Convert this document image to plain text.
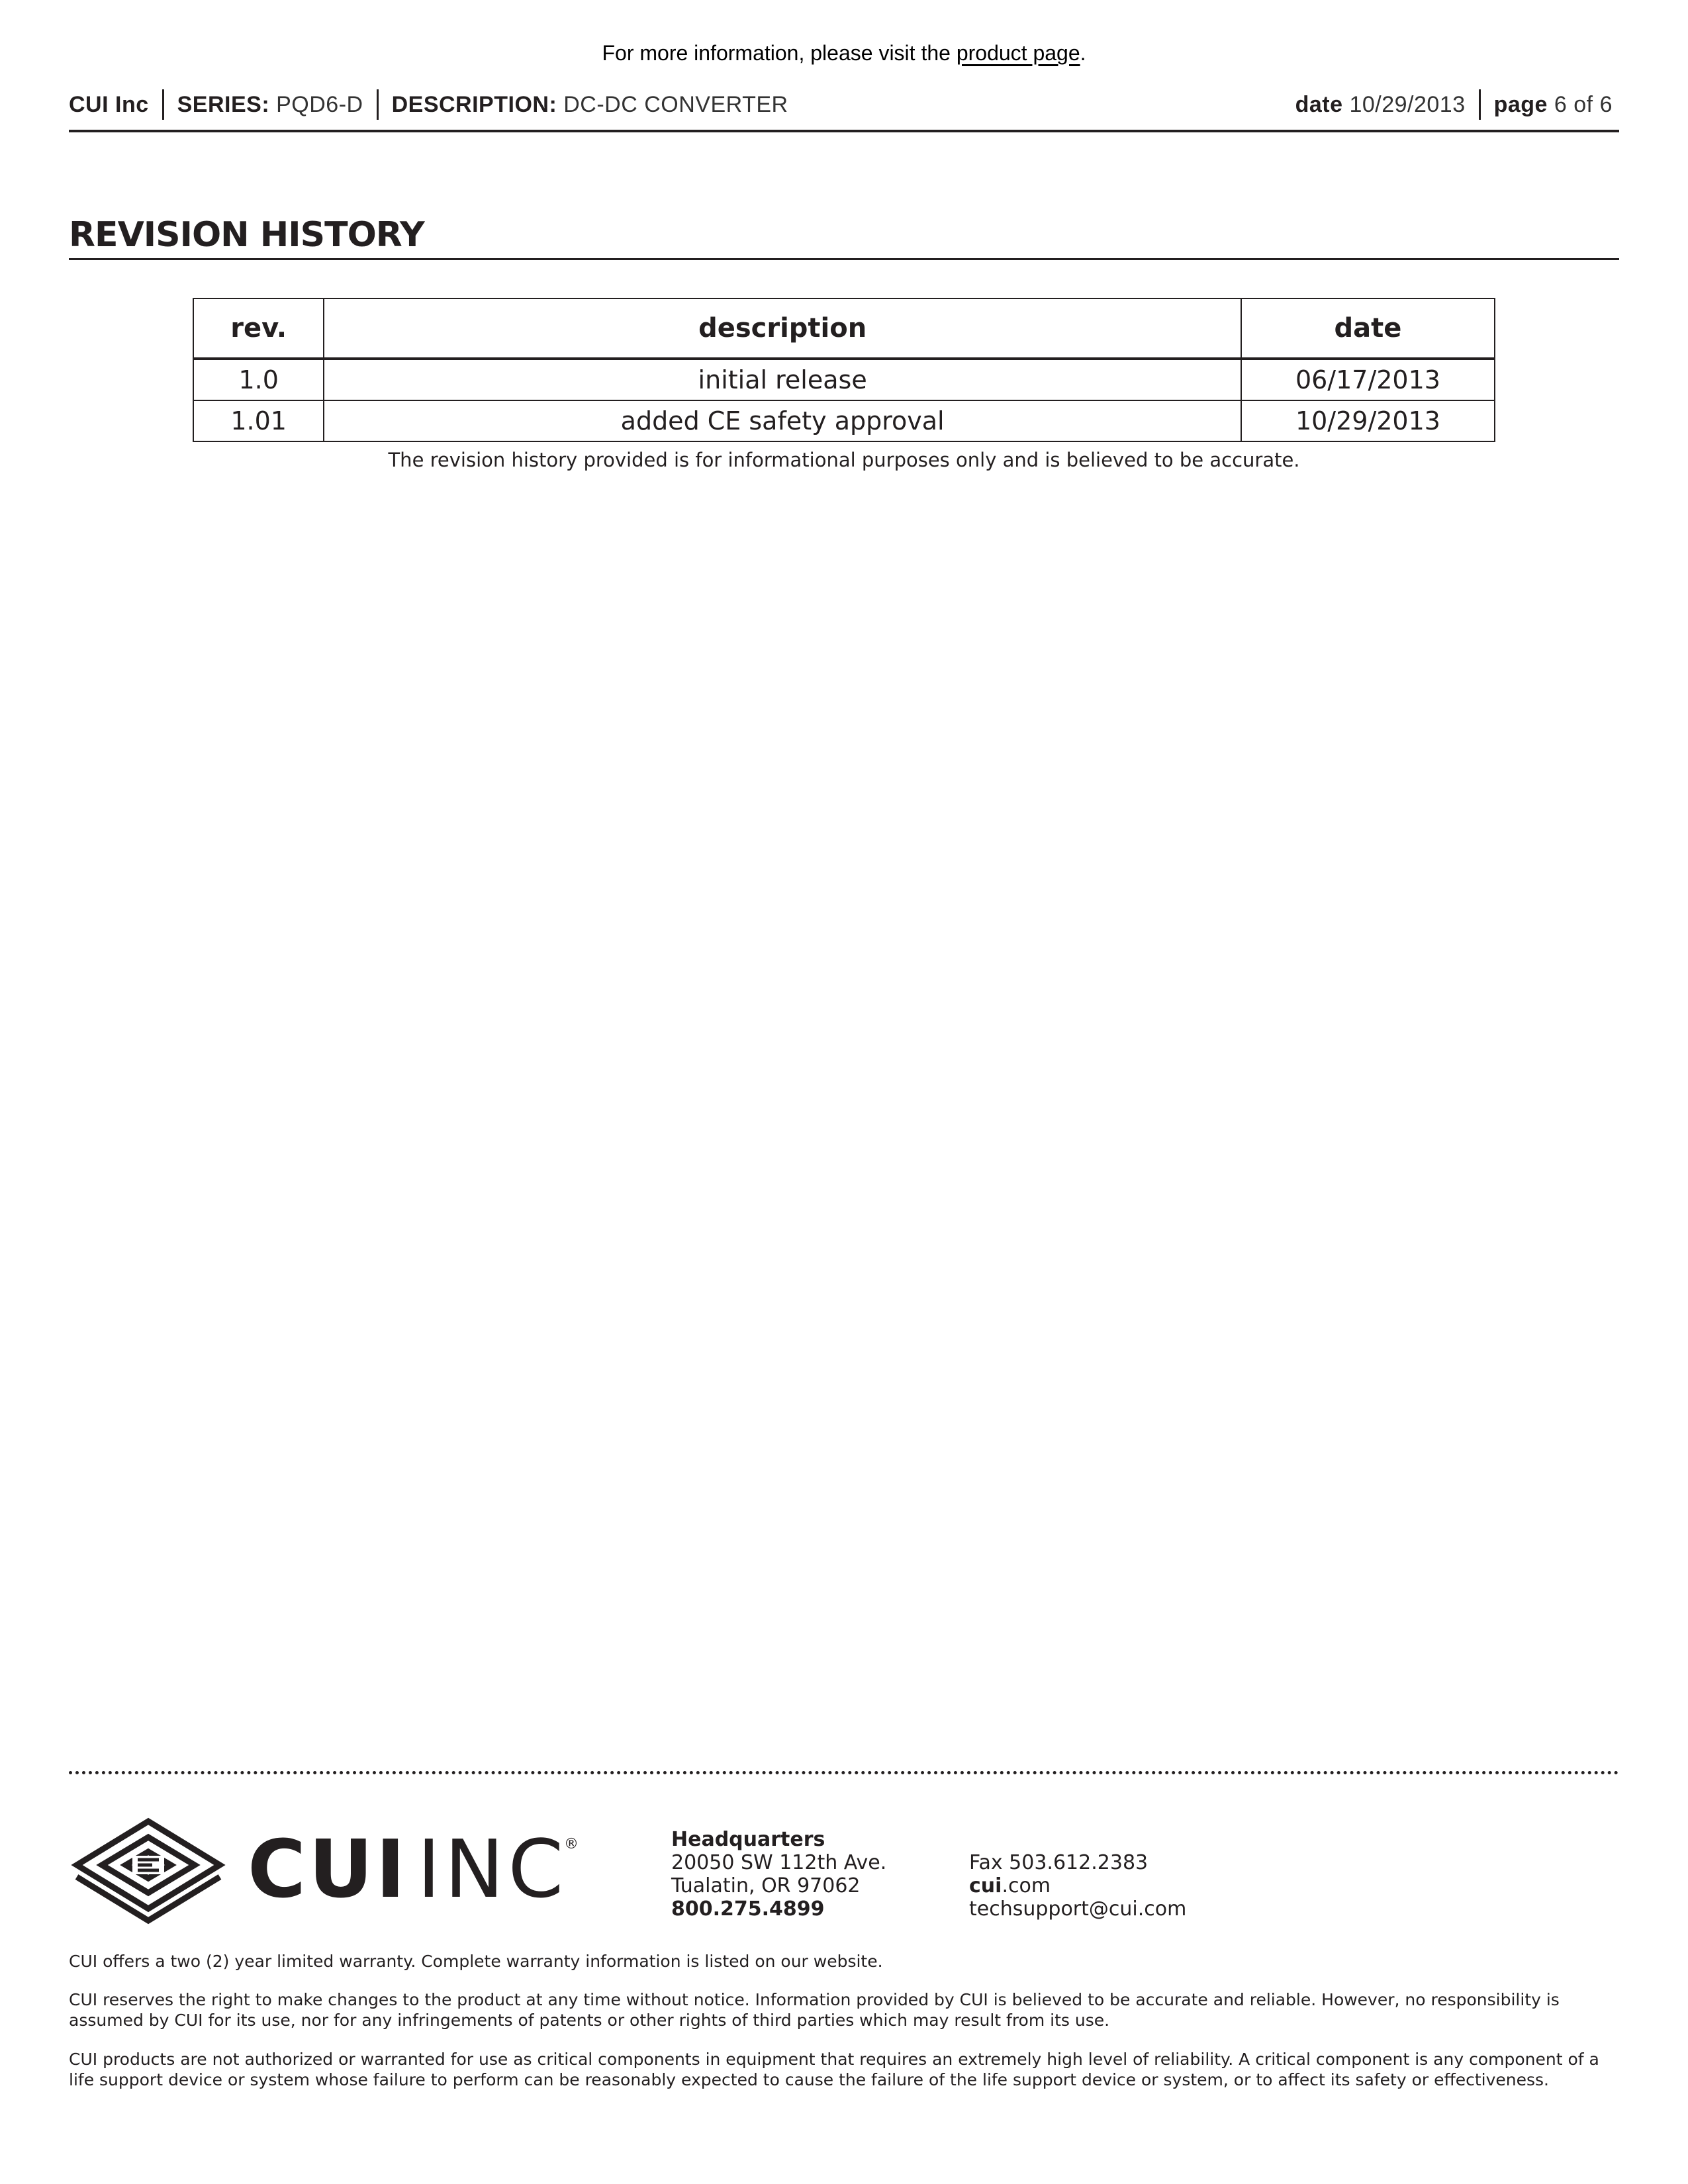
For more information, please visit the product page.
CUI Inc SERIES:
PQD6-D DESCRIPTION:
DC-DC CONVERTER	date
10/29/2013 page
6 of 6
REVISION HISTORY
rev.	description	date
1.0	initial release	06/17/2013
1.01	added CE safety approval	10/29/2013
The revision history provided is for informational purposes only and is believed to be accurate.
CUI INC
®	Headquarters
20050 SW 112th Ave.
Tualatin, OR 97062
800.275.4899
Fax 503.612.2383
cui.com
techsupport@cui.com
CUI offers a two (2) year limited warranty. Complete warranty information is listed on our website.
CUI reserves the right to make changes to the product at any time without notice. Information provided by CUI is believed to be accurate and reliable. However, no responsibility is assumed by CUI for its use, nor for any infringements of patents or other rights of third parties which may result from its use.
CUI products are not authorized or warranted for use as critical components in equipment that requires an extremely high level of reliability. A critical component is any component of a life support device or system whose failure to perform can be reasonably expected to cause the failure of the life support device or system, or to affect its safety or effectiveness.
